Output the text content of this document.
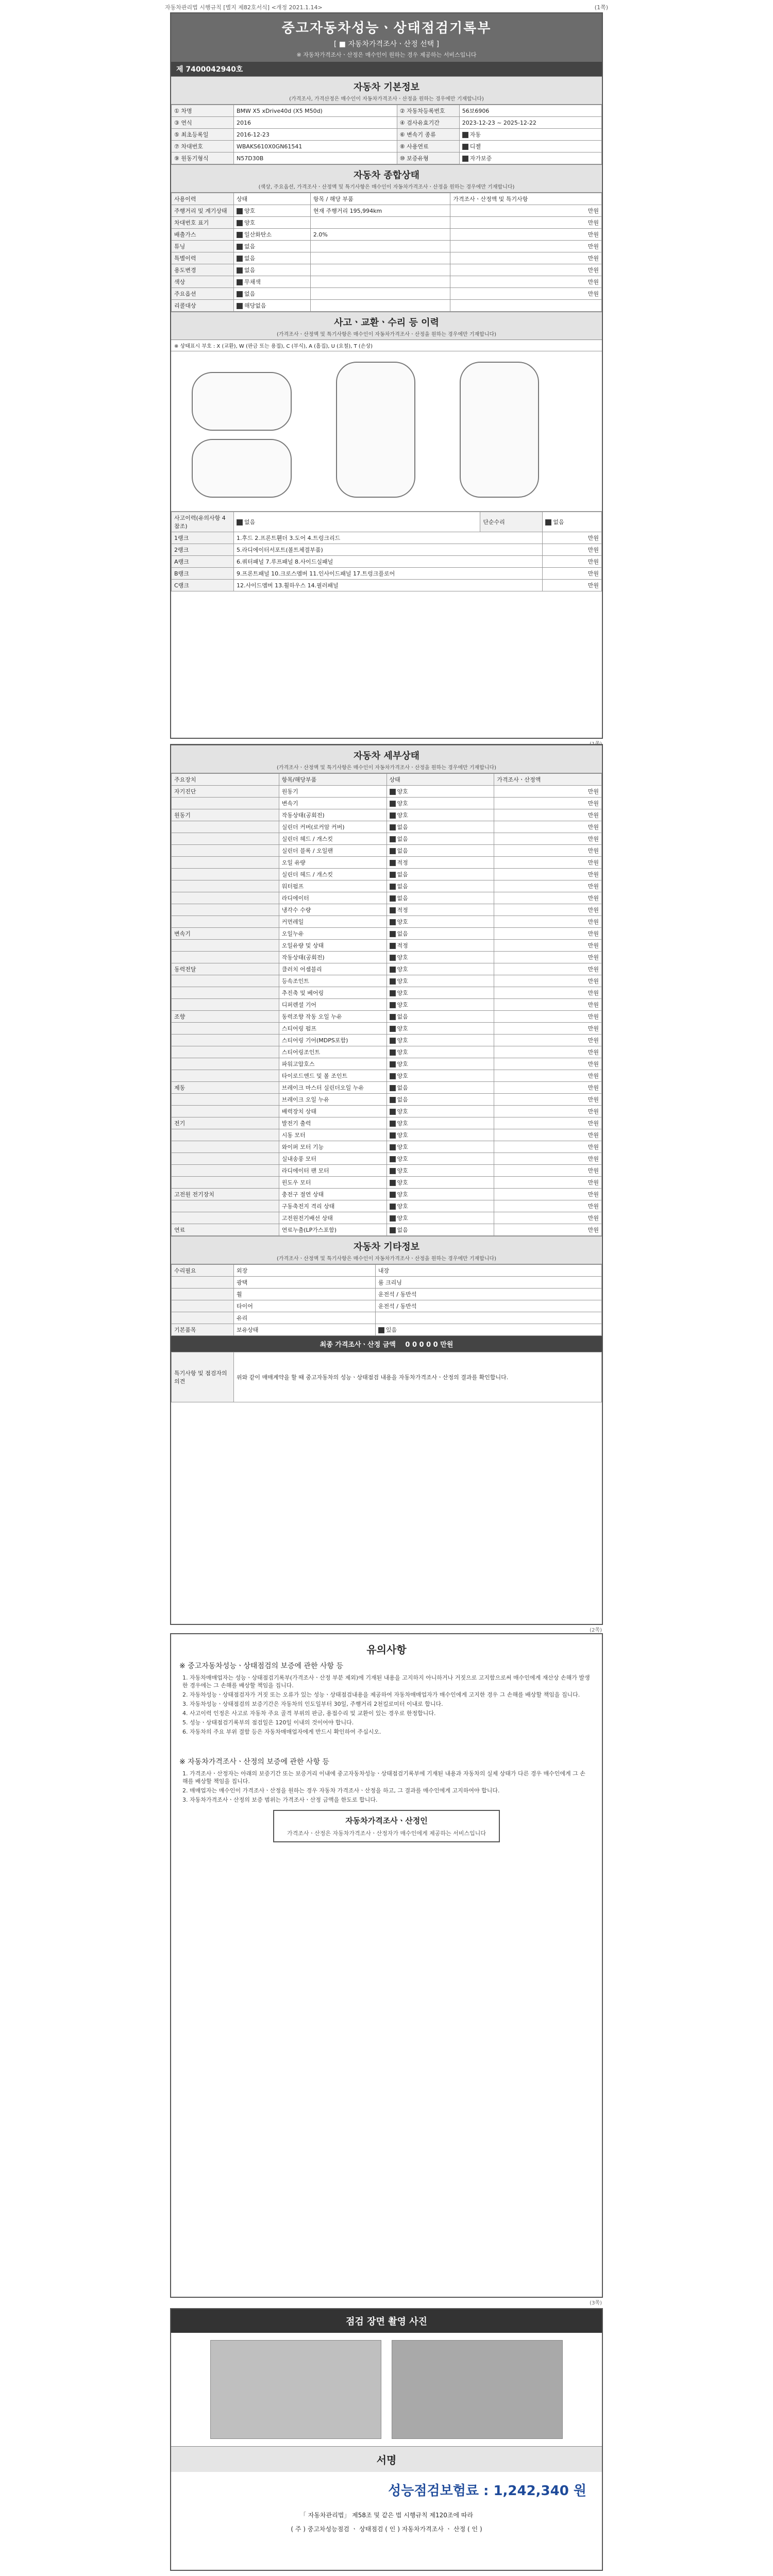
자동차관리법 시행규칙 [별지 제82호서식] <개정 2021.1.14>	(1쪽)
중고자동차성능ㆍ상태점검기록부
[ ■ 자동차가격조사ㆍ산정 선택 ]
※ 자동차가격조사ㆍ산정은 매수인이 원하는 경우 제공하는 서비스입니다
제 7400042940호
자동차 기본정보
(가격조사, 가격산정은 매수인이 자동차가격조사ㆍ산정을 원하는 경우에만 기재합니다)
① 차명	BMW X5 xDrive40d (X5 M50d)	② 자동차등록번호	56보6906
③ 연식	2016	④ 검사유효기간	2023-12-23 ~ 2025-12-22
⑤ 최초등록일	2016-12-23	⑥ 변속기 종류	자동
⑦ 차대번호	WBAKS610X0GN61541	⑧ 사용연료	디젤
⑨ 원동기형식	N57D30B	⑩ 보증유형	자가보증
자동차 종합상태
(색상, 주요옵션, 가격조사ㆍ산정액 및 특기사항은 매수인이 자동차가격조사ㆍ산정을 원하는 경우에만 기재합니다)
사용이력	상태	항목 / 해당 부품	가격조사ㆍ산정액 및 특기사항
주행거리 및 계기상태	양호	현재 주행거리 195,994km	만원
차대번호 표기	양호		만원
배출가스	일산화탄소	2.0%	만원
튜닝	없음		만원
특별이력	없음		만원
용도변경	없음		만원
색상	무채색		만원
주요옵션	없음		만원
리콜대상	해당없음		
사고ㆍ교환ㆍ수리 등 이력
(가격조사ㆍ산정액 및 특기사항은 매수인이 자동차가격조사ㆍ산정을 원하는 경우에만 기재합니다)
※ 상태표시 부호 : X (교환), W (판금 또는 용접), C (부식), A (흠집), U (요철), T (손상)
사고이력(유의사항 4 참조)	없음	단순수리	없음
1랭크	1.후드 2.프론트휀더 3.도어 4.트렁크리드		만원
2랭크	5.라디에이터서포트(볼트체결부품)		만원
A랭크	6.쿼터패널 7.루프패널 8.사이드실패널		만원
B랭크	9.프론트패널 10.크로스멤버 11.인사이드패널 17.트렁크플로어		만원
C랭크	12.사이드멤버 13.휠하우스 14.필러패널		만원
자동차 세부상태
(가격조사ㆍ산정액 및 특기사항은 매수인이 자동차가격조사ㆍ산정을 원하는 경우에만 기재합니다)
주요장치	항목/해당부품	상태	가격조사ㆍ산정액
자기진단	원동기	양호	만원
	변속기	양호	만원
원동기	작동상태(공회전)	양호	만원
	실린더 커버(로커암 커버)	없음	만원
	실린더 헤드 / 개스킷	없음	만원
	실린더 블록 / 오일팬	없음	만원
	오일 유량	적정	만원
	실린더 헤드 / 개스킷	없음	만원
	워터펌프	없음	만원
	라디에이터	없음	만원
	냉각수 수량	적정	만원
	커먼레일	양호	만원
변속기	오일누유	없음	만원
	오일유량 및 상태	적정	만원
	작동상태(공회전)	양호	만원
동력전달	클러치 어셈블리	양호	만원
	등속조인트	양호	만원
	추진축 및 베어링	양호	만원
	디퍼렌셜 기어	양호	만원
조향	동력조향 작동 오일 누유	없음	만원
	스티어링 펌프	양호	만원
	스티어링 기어(MDPS포함)	양호	만원
	스티어링조인트	양호	만원
	파워고압호스	양호	만원
	타이로드엔드 및 볼 조인트	양호	만원
제동	브레이크 마스터 실린더오일 누유	없음	만원
	브레이크 오일 누유	없음	만원
	배력장치 상태	양호	만원
전기	발전기 출력	양호	만원
	시동 모터	양호	만원
	와이퍼 모터 기능	양호	만원
	실내송풍 모터	양호	만원
	라디에이터 팬 모터	양호	만원
	윈도우 모터	양호	만원
고전원 전기장치	충전구 절연 상태	양호	만원
	구동축전지 격리 상태	양호	만원
	고전원전기배선 상태	양호	만원
연료	연료누출(LP가스포함)	없음	만원
자동차 기타정보
(가격조사ㆍ산정액 및 특기사항은 매수인이 자동차가격조사ㆍ산정을 원하는 경우에만 기재합니다)
수리필요	외장	내장
	광택	룸 크리닝
	휠	운전석 / 동반석
	타이어	운전석 / 동반석
	유리	
기본품목	보유상태	있음
최종 가격조사ㆍ산정 금액 0 0 0 0 0 만원
특기사항 및 점검자의 의견	위와 같이 매매계약을 할 때 중고자동차의 성능ㆍ상태점검 내용을 자동차가격조사ㆍ산정의 결과를 확인합니다.
(2쪽)
유의사항
※ 중고자동차성능ㆍ상태점검의 보증에 관한 사항 등
1. 자동차매매업자는 성능ㆍ상태점검기록부(가격조사ㆍ산정 부분 제외)에 기재된 내용을 고지하지 아니하거나 거짓으로 고지함으로써 매수인에게 재산상 손해가 발생한 경우에는 그 손해를 배상할 책임을 집니다.
2. 자동차성능ㆍ상태점검자가 거짓 또는 오류가 있는 성능ㆍ상태점검내용을 제공하여 자동차매매업자가 매수인에게 고지한 경우 그 손해를 배상할 책임을 집니다.
3. 자동차성능ㆍ상태점검의 보증기간은 자동차의 인도일부터 30일, 주행거리 2천킬로미터 이내로 합니다.
4. 사고이력 인정은 사고로 자동차 주요 골격 부위의 판금, 용접수리 및 교환이 있는 경우로 한정합니다.
5. 성능ㆍ상태점검기록부의 점검일은 120일 이내의 것이어야 합니다.
6. 자동차의 주요 부위 결함 등은 자동차매매업자에게 반드시 확인하여 주십시오.
※ 자동차가격조사ㆍ산정의 보증에 관한 사항 등
1. 가격조사ㆍ산정자는 아래의 보증기간 또는 보증거리 이내에 중고자동차성능ㆍ상태점검기록부에 기재된 내용과 자동차의 실제 상태가 다른 경우 매수인에게 그 손해를 배상할 책임을 집니다.
2. 매매업자는 매수인이 가격조사ㆍ산정을 원하는 경우 자동차 가격조사ㆍ산정을 하고, 그 결과를 매수인에게 고지하여야 합니다.
3. 자동차가격조사ㆍ산정의 보증 범위는 가격조사ㆍ산정 금액을 한도로 합니다.
자동차가격조사ㆍ산정인
가격조사ㆍ산정은 자동차가격조사ㆍ산정자가 매수인에게 제공하는 서비스입니다
(3쪽)
점검 장면 촬영 사진
서명
성능점검보험료 : 1,242,340 원
「 자동차관리법」 제58조 및 같은 법 시행규칙 제120조에 따라
( 주 ) 중고차성능점검 ㆍ 상태점검 ( 인 ) 자동차가격조사 ㆍ 산정 ( 인 )
